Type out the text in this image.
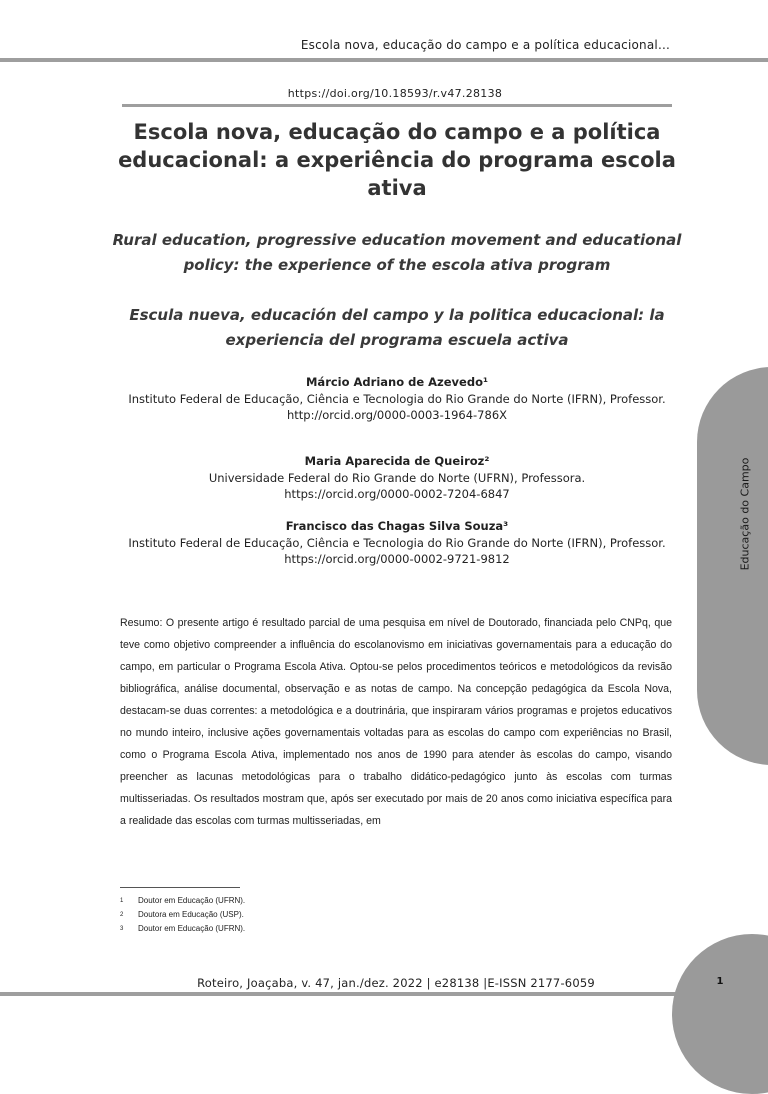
Escola nova, educação do campo e a política educacional...
https://doi.org/10.18593/r.v47.28138
Escola nova, educação do campo e a política educacional: a experiência do programa escola ativa
Rural education, progressive education movement and educational policy: the experience of the escola ativa program
Escula nueva, educación del campo y la politica educacional: la experiencia del programa escuela activa
Márcio Adriano de Azevedo¹
Instituto Federal de Educação, Ciência e Tecnologia do Rio Grande do Norte (IFRN), Professor.
http://orcid.org/0000-0003-1964-786X
Maria Aparecida de Queiroz²
Universidade Federal do Rio Grande do Norte (UFRN), Professora.
https://orcid.org/0000-0002-7204-6847
Francisco das Chagas Silva Souza³
Instituto Federal de Educação, Ciência e Tecnologia do Rio Grande do Norte (IFRN), Professor.
https://orcid.org/0000-0002-9721-9812	Educação do Campo
Resumo: O presente artigo é resultado parcial de uma pesquisa em nível de Doutorado, financiada pelo CNPq, que teve como objetivo compreender a influência do escolanovismo em iniciativas governamentais para a educação do campo, em particular o Programa Escola Ativa. Optou-se pelos procedimentos teóricos e metodológicos da revisão bibliográfica, análise documental, observação e as notas de campo. Na concepção pedagógica da Escola Nova, destacam-se duas correntes: a metodológica e a doutrinária, que inspiraram vários programas e projetos educativos no mundo inteiro, inclusive ações governamentais voltadas para as escolas do campo com experiências no Brasil, como o Programa Escola Ativa, implementado nos anos de 1990 para atender às escolas do campo, visando preencher as lacunas metodológicas para o trabalho didático-pedagógico junto às escolas com turmas multisseriadas. Os resultados mostram que, após ser executado por mais de 20 anos como iniciativa específica para a realidade das escolas com turmas multisseriadas, em
1	Doutor em Educação (UFRN).
2	Doutora em Educação (USP).
3	Doutor em Educação (UFRN).
Roteiro, Joaçaba, v. 47, jan./dez. 2022 | e28138 |E-ISSN 2177-6059	1
